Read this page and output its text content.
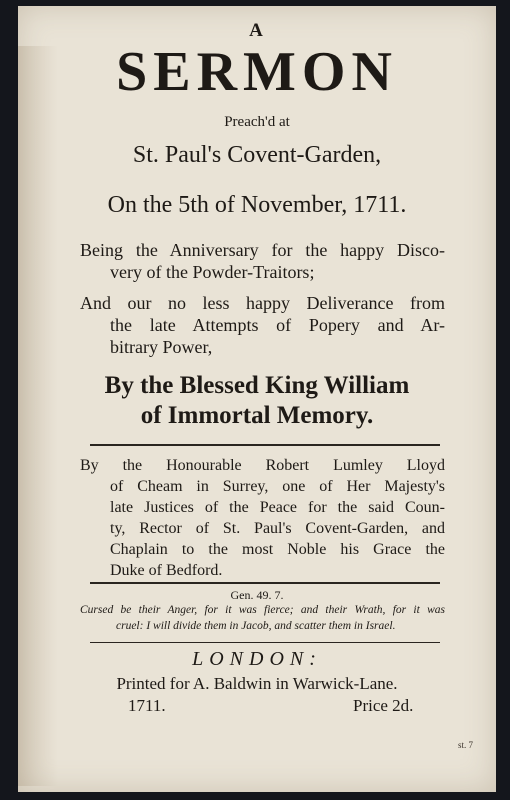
A
SERMON
Preach'd at
St. Paul's Covent-Garden,
On the 5th of November, 1711.
Being the Anniversary for the happy Disco-
very of the Powder-Traitors;
And our no less happy Deliverance from
the late Attempts of Popery and Ar-
bitrary Power,
By the Blessed King William
of Immortal Memory.
By the Honourable Robert Lumley Lloyd
of Cheam in Surrey, one of Her Majesty's
late Justices of the Peace for the said Coun-
ty, Rector of St. Paul's Covent-Garden, and
Chaplain to the most Noble his Grace the
Duke of Bedford.
Gen. 49. 7.
Cursed be their Anger, for it was fierce; and their Wrath, for it was
cruel: I will divide them in Jacob, and scatter them in Israel.
LONDON:
Printed for A. Baldwin in Warwick-Lane.
1711.	Price 2d.
st. 7
